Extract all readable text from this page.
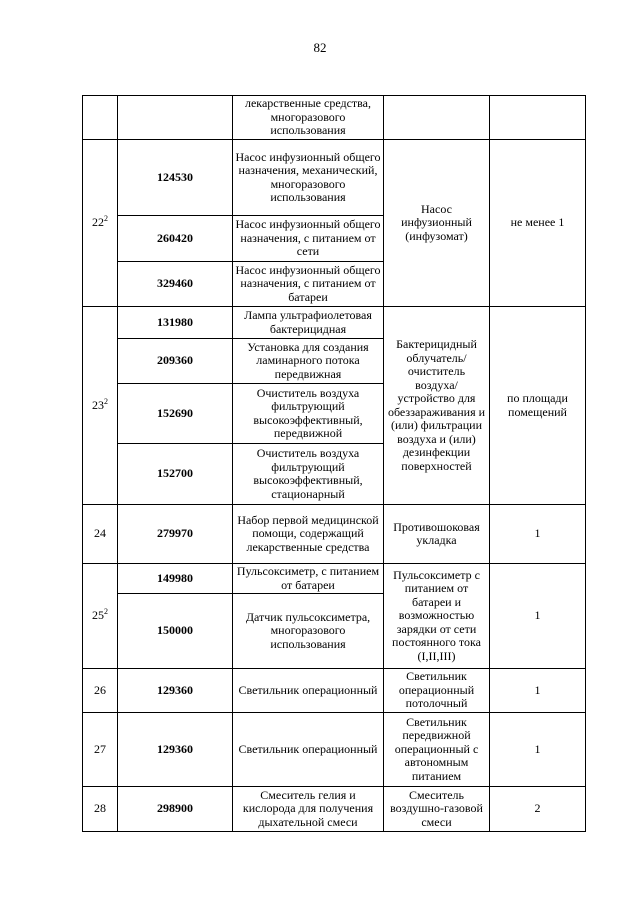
82
		лекарственные средства, многоразового использования		
$22^2$	124530	Насос инфузионный общего назначения, механический, многоразового использования	Насос инфузионный (инфузомат)	не менее 1
	260420	Насос инфузионный общего назначения, с питанием от сети		
	329460	Насос инфузионный общего назначения, с питанием от батареи		
$23^2$	131980	Лампа ультрафиолетовая бактерицидная	Бактерицидный облучатель/ очиститель воздуха/ устройство для обеззараживания и (или) фильтрации воздуха и (или) дезинфекции поверхностей	по площади помещений
	209360	Установка для создания ламинарного потока передвижная		
	152690	Очиститель воздуха фильтрующий высокоэффективный, передвижной		
	152700	Очиститель воздуха фильтрующий высокоэффективный, стационарный		
24	279970	Набор первой медицинской помощи, содержащий лекарственные средства	Противошоковая укладка	1
$25^2$	149980	Пульсоксиметр, с питанием от батареи	Пульсоксиметр с питанием от батареи и возможностью зарядки от сети постоянного тока (I,II,III)	1
	150000	Датчик пульсоксиметра, многоразового использования		
26	129360	Светильник операционный	Светильник операционный потолочный	1
27	129360	Светильник операционный	Светильник передвижной операционный с автономным питанием	1
28	298900	Смеситель гелия и кислорода для получения дыхательной смеси	Смеситель воздушно-газовой смеси	2
